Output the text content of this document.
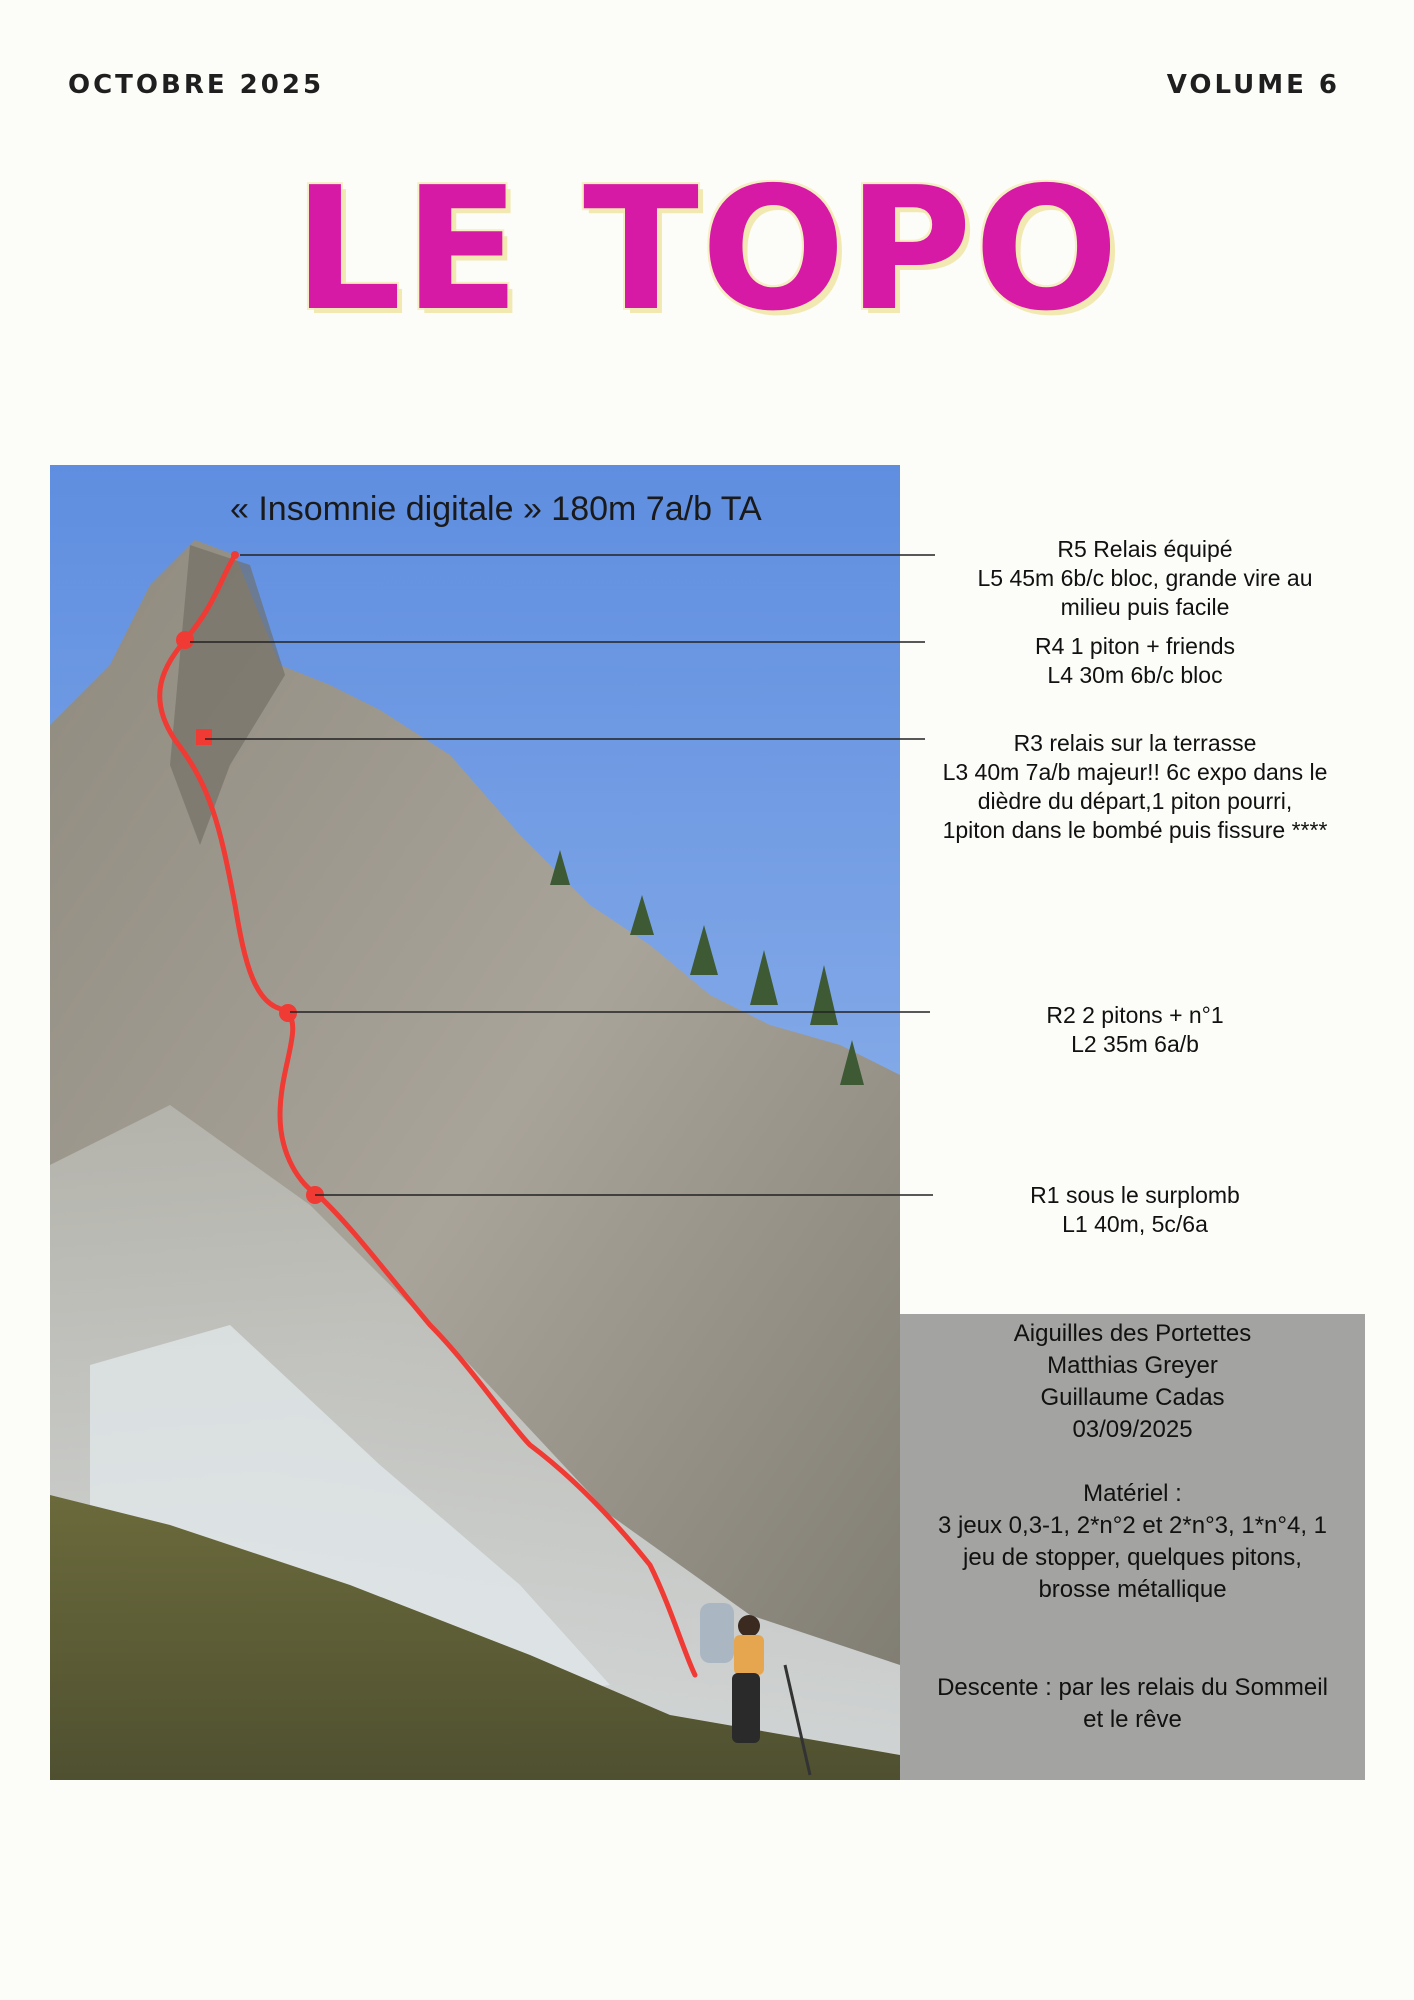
OCTOBRE 2025	VOLUME 6
LE TOPO
« Insomnie digitale » 180m 7a/b TA
R5 Relais équipé
L5 45m 6b/c bloc, grande vire au
milieu puis facile
R4 1 piton + friends
L4 30m 6b/c bloc
R3 relais sur la terrasse
L3 40m 7a/b majeur!! 6c expo dans le
dièdre du départ,1 piton pourri,
1piton dans le bombé puis fissure ****
R2 2 pitons + n°1
L2 35m 6a/b
R1 sous le surplomb
L1 40m, 5c/6a
Aiguilles des Portettes
Matthias Greyer
Guillaume Cadas
03/09/2025
Matériel :
3 jeux 0,3-1, 2*n°2 et 2*n°3, 1*n°4, 1
jeu de stopper, quelques pitons,
brosse métallique
Descente : par les relais du Sommeil
et le rêve
